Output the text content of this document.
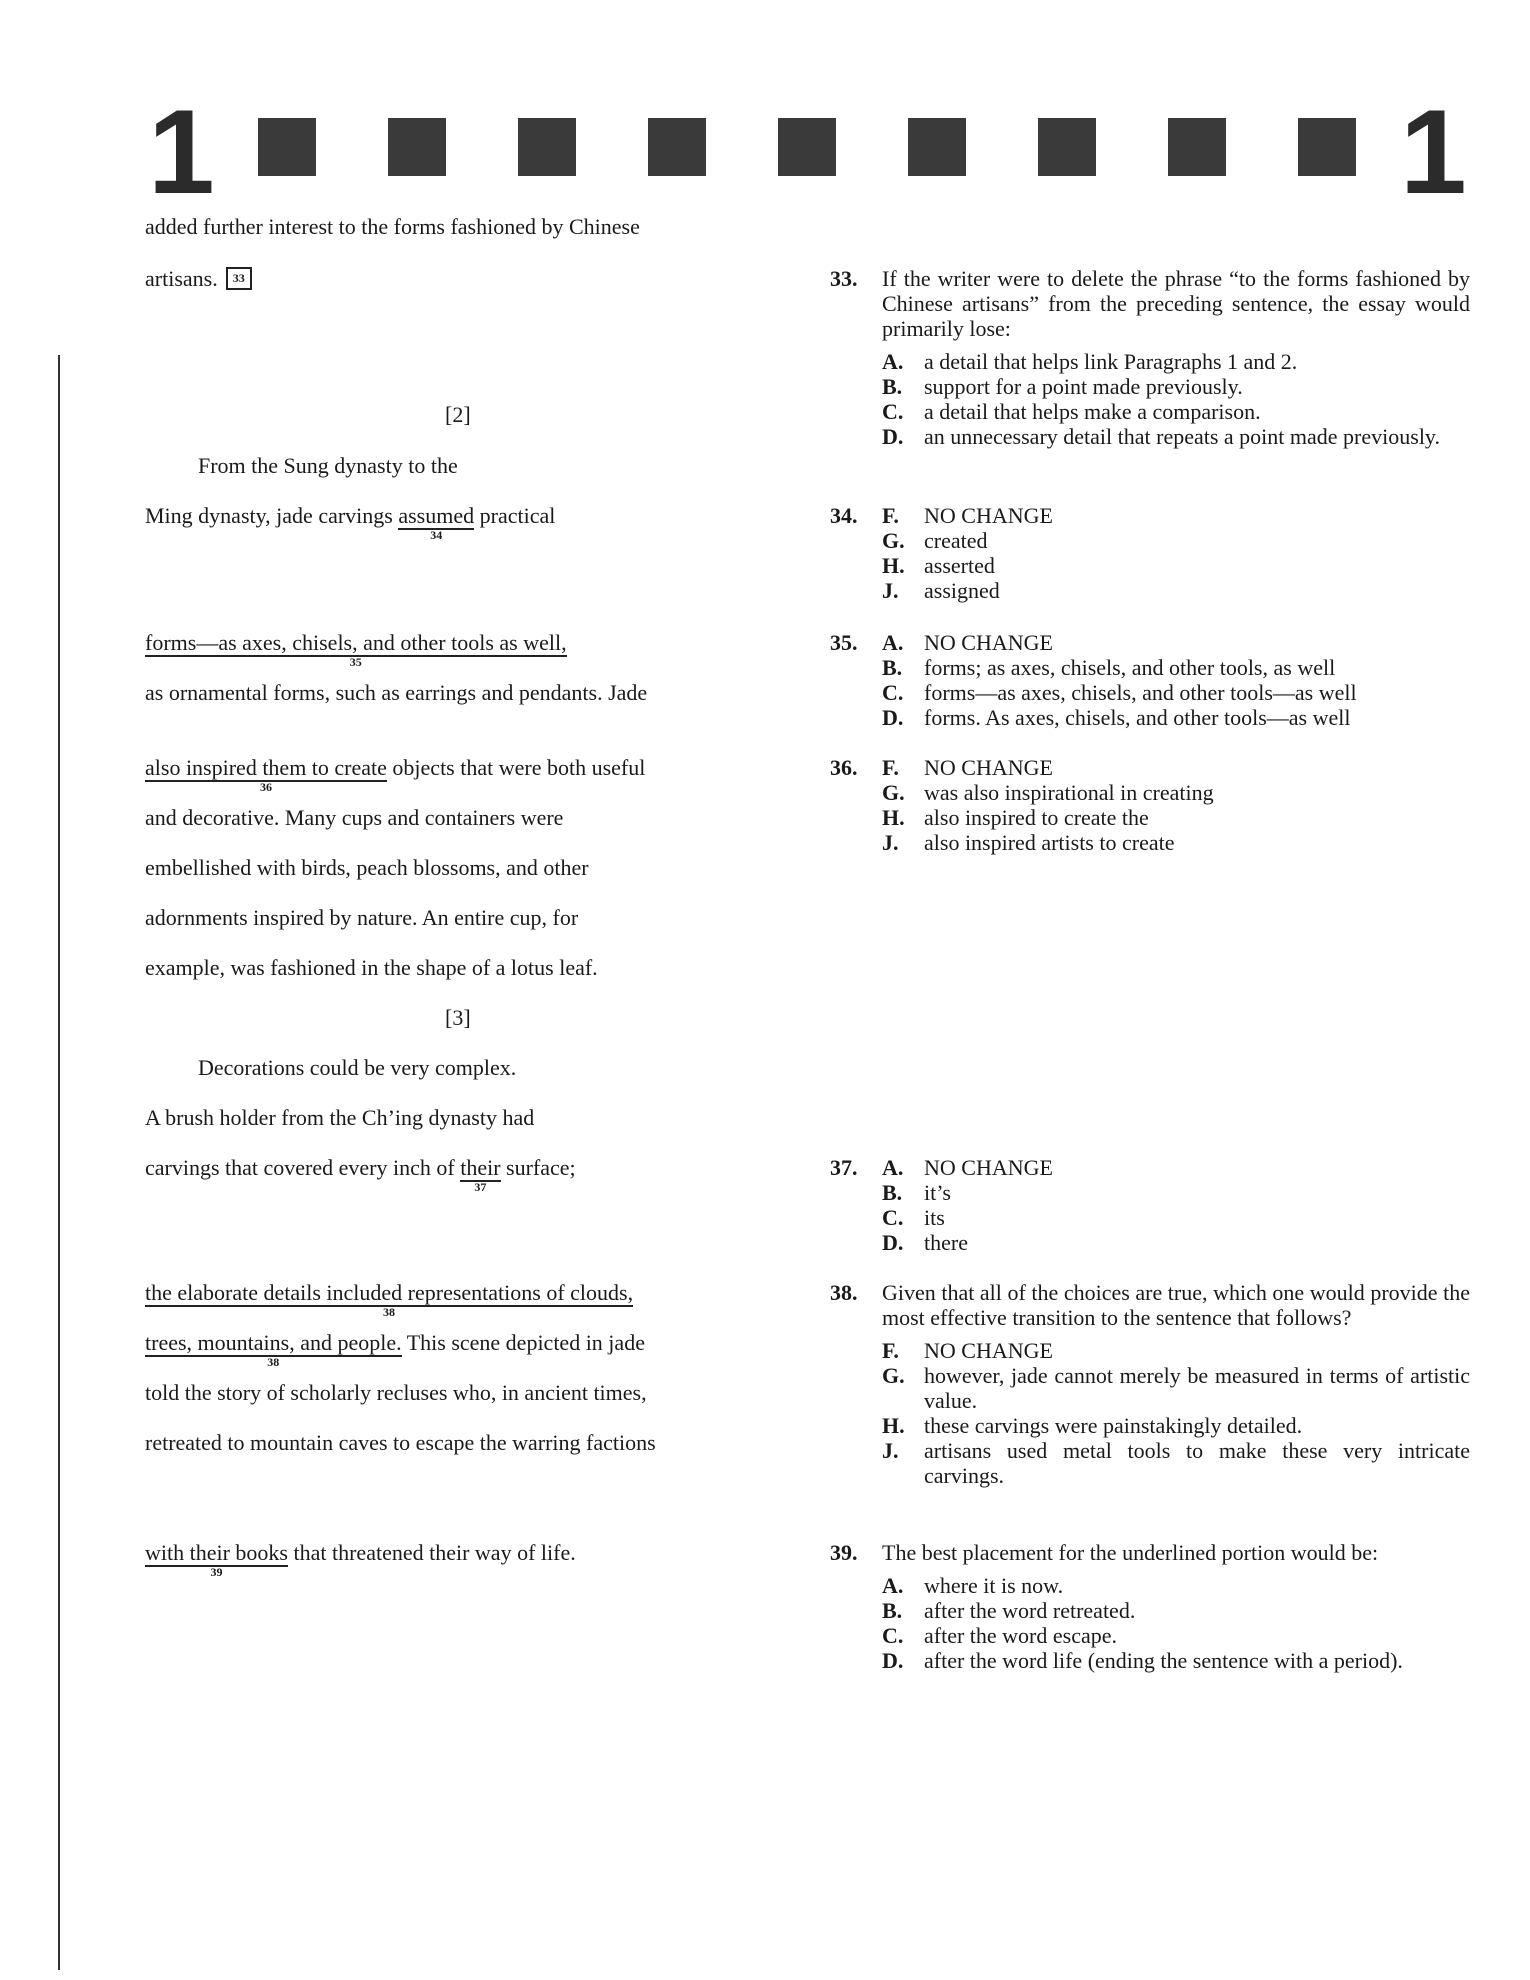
1	1
added further interest to the forms fashioned by Chinese
artisans. 33
[2]
From the Sung dynasty to the
Ming dynasty, jade carvings assumed
34
practical
forms—as axes, chisels, and other tools as well,
35
as ornamental forms, such as earrings and pendants. Jade
also inspired them to create
36
objects that were both useful
and decorative. Many cups and containers were
embellished with birds, peach blossoms, and other
adornments inspired by nature. An entire cup, for
example, was fashioned in the shape of a lotus leaf.
[3]
Decorations could be very complex.
A brush holder from the Ch’ing dynasty had
carvings that covered every inch of their
37
surface;
the elaborate details included representations of clouds,
38
trees, mountains, and people.
38
This scene depicted in jade
told the story of scholarly recluses who, in ancient times,
retreated to mountain caves to escape the warring factions
with their books
39
that threatened their way of life.
33. If the writer were to delete the phrase “to the forms fashioned by Chinese artisans” from the preceding sentence, the essay would primarily lose:
A. a detail that helps link Paragraphs 1 and 2.
B. support for a point made previously.
C. a detail that helps make a comparison.
D. an unnecessary detail that repeats a point made previously.
34. F.	NO CHANGE
G. created
H. asserted
J.	assigned
35. A. NO CHANGE
B. forms; as axes, chisels, and other tools, as well
C. forms—as axes, chisels, and other tools—as well
D. forms. As axes, chisels, and other tools—as well
36. F.	NO CHANGE
G. was also inspirational in creating
H. also inspired to create the
J.	also inspired artists to create
37. A. NO CHANGE
B. it’s
C. its
D. there
38. Given that all of the choices are true, which one would provide the most effective transition to the sentence that follows?
F.	NO CHANGE
G. however, jade cannot merely be measured in terms of artistic value.
H. these carvings were painstakingly detailed.
J.	artisans used metal tools to make these very intricate carvings.
39. The best placement for the underlined portion would be:
A. where it is now.
B. after the word retreated.
C. after the word escape.
D. after the word life (ending the sentence with a period).
